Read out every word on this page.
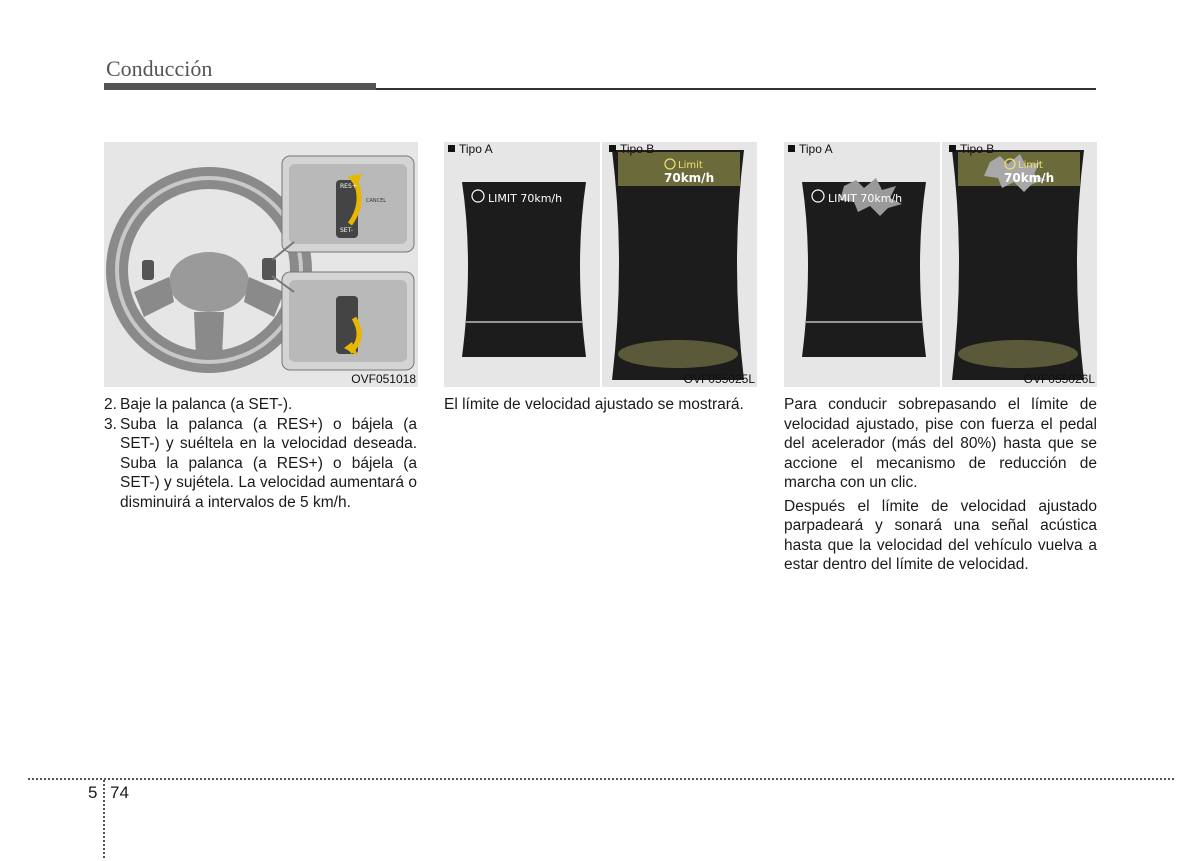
Conducción
RES+
SET-
CANCEL
OVF051018
LIMIT 70km/h
Limit
70km/h
Tipo A	Tipo B
OVF055025L
LIMIT 70km/h
Limit
70km/h
Tipo A	Tipo B
OVF055026L
2. Baje la palanca (a SET-).
3. Suba la palanca (a RES+) o bájela (a SET-) y suéltela en la velocidad deseada. Suba la palanca (a RES+) o bájela (a SET-) y sujétela. La velocidad aumentará o disminuirá a intervalos de 5 km/h.

El límite de velocidad ajustado se mostrará.	Para conducir sobrepasando el límite de velocidad ajustado, pise con fuerza el pedal del acelerador (más del 80%) hasta que se accione el mecanismo de reducción de marcha con un clic.

Después el límite de velocidad ajustado parpadeará y sonará una señal acústica hasta que la velocidad del vehículo vuelva a estar dentro del límite de velocidad.

5 74
